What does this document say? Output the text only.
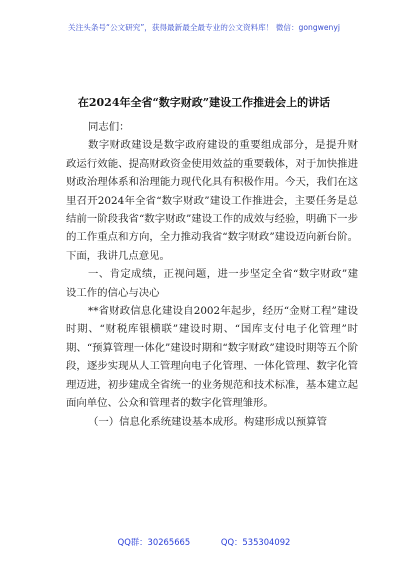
关注头条号“公文研究”，获得最新最全最专业的公文资料库！ 微信：gongwenyj
在2024年全省“数字财政”建设工作推进会上的讲话

同志们：

数字财政建设是数字政府建设的重要组成部分，是提升财政运行效能、提高财政资金使用效益的重要载体，对于加快推进财政治理体系和治理能力现代化具有积极作用。今天，我们在这里召开2024年全省“数字财政”建设工作推进会，主要任务是总结前一阶段我省“数字财政”建设工作的成效与经验，明确下一步的工作重点和方向，全力推动我省“数字财政”建设迈向新台阶。下面，我讲几点意见。

一、肯定成绩，正视问题，进一步坚定全省“数字财政”建设工作的信心与决心

**省财政信息化建设自2002年起步，经历“金财工程”建设时期、“财税库银横联”建设时期、“国库支付电子化管理”时期、“预算管理一体化”建设时期和“数字财政”建设时期等五个阶段，逐步实现从人工管理向电子化管理、一体化管理、数字化管理迈进，初步建成全省统一的业务规范和技术标准，基本建立起面向单位、公众和管理者的数字化管理雏形。

（一）信息化系统建设基本成形。构建形成以预算管

QQ群：30265665	QQ：535304092
